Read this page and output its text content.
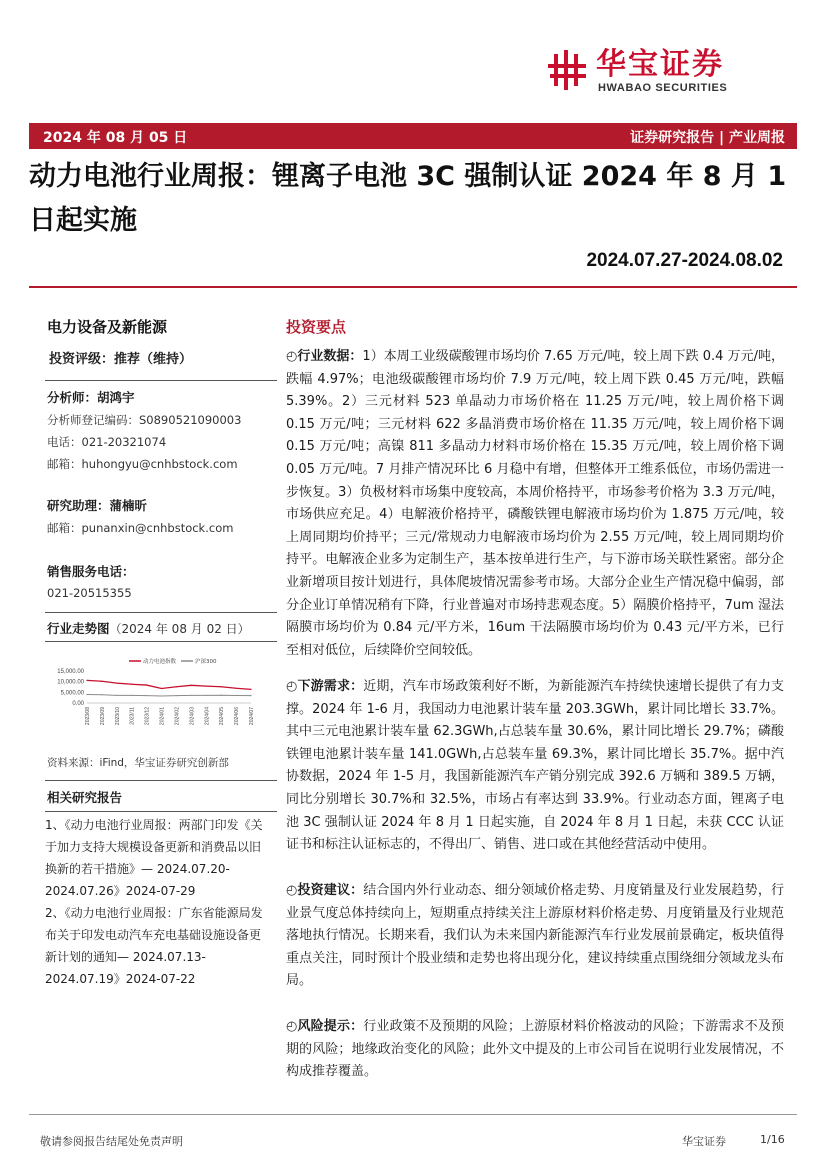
华宝证券
HWABAO SECURITIES
2024 年 08 月 05 日	证券研究报告 | 产业周报
动力电池行业周报：锂离子电池 3C 强制认证 2024 年 8 月 1 日起实施
2024.07.27-2024.08.02
电力设备及新能源
投资评级：推荐（维持）
分析师：胡鸿宇
分析师登记编码：S0890521090003
电话：021-20321074
邮箱：huhongyu@cnhbstock.com
研究助理：蒲楠昕
邮箱：punanxin@cnhbstock.com
销售服务电话：
021-20515355
行业走势图（2024 年 08 月 02 日）
15,000.00
10,000.00
5,000.00
0.00
2023/08 2023/09 2023/10 2023/11 2023/12 2024/01 2024/02 2024/03 2024/04 2024/05 2024/06 2024/07
动力电池指数	沪深300
资料来源：iFind，华宝证券研究创新部
相关研究报告
1、《动力电池行业周报：两部门印发《关于加力支持大规模设备更新和消费品以旧换新的若干措施》— 2024.07.20-2024.07.26》2024-07-29
2、《动力电池行业周报：广东省能源局发布关于印发电动汽车充电基础设施设备更新计划的通知— 2024.07.13-2024.07.19》2024-07-22
投资要点
◴行业数据：1）本周工业级碳酸锂市场均价 7.65 万元/吨，较上周下跌 0.4 万元/吨，跌幅 4.97%；电池级碳酸锂市场均价 7.9 万元/吨，较上周下跌 0.45 万元/吨，跌幅 5.39%。2）三元材料 523 单晶动力市场价格在 11.25 万元/吨，较上周价格下调 0.15 万元/吨；三元材料 622 多晶消费市场价格在 11.35 万元/吨，较上周价格下调 0.15 万元/吨；高镍 811 多晶动力材料市场价格在 15.35 万元/吨，较上周价格下调 0.05 万元/吨。7 月排产情况环比 6 月稳中有增，但整体开工维系低位，市场仍需进一步恢复。3）负极材料市场集中度较高，本周价格持平，市场参考价格为 3.3 万元/吨，市场供应充足。4）电解液价格持平，磷酸铁锂电解液市场均价为 1.875 万元/吨，较上周同期均价持平；三元/常规动力电解液市场均价为 2.55 万元/吨，较上周同期均价持平。电解液企业多为定制生产，基本按单进行生产，与下游市场关联性紧密。部分企业新增项目按计划进行，具体爬坡情况需参考市场。大部分企业生产情况稳中偏弱，部分企业订单情况稍有下降，行业普遍对市场持悲观态度。5）隔膜价格持平，7um 湿法隔膜市场均价为 0.84 元/平方米，16um 干法隔膜市场均价为 0.43 元/平方米，已行至相对低位，后续降价空间较低。
◴下游需求：近期，汽车市场政策利好不断，为新能源汽车持续快速增长提供了有力支撑。2024 年 1-6 月，我国动力电池累计装车量 203.3GWh，累计同比增长 33.7%。其中三元电池累计装车量 62.3GWh,占总装车量 30.6%，累计同比增长 29.7%；磷酸铁锂电池累计装车量 141.0GWh,占总装车量 69.3%，累计同比增长 35.7%。据中汽协数据，2024 年 1-5 月，我国新能源汽车产销分别完成 392.6 万辆和 389.5 万辆，同比分别增长 30.7%和 32.5%，市场占有率达到 33.9%。行业动态方面，锂离子电池 3C 强制认证 2024 年 8 月 1 日起实施，自 2024 年 8 月 1 日起，未获 CCC 认证证书和标注认证标志的，不得出厂、销售、进口或在其他经营活动中使用。
◴投资建议：结合国内外行业动态、细分领域价格走势、月度销量及行业发展趋势，行业景气度总体持续向上，短期重点持续关注上游原材料价格走势、月度销量及行业规范落地执行情况。长期来看，我们认为未来国内新能源汽车行业发展前景确定，板块值得重点关注，同时预计个股业绩和走势也将出现分化，建议持续重点围绕细分领域龙头布局。
◴风险提示：行业政策不及预期的风险；上游原材料价格波动的风险；下游需求不及预期的风险；地缘政治变化的风险；此外文中提及的上市公司旨在说明行业发展情况，不构成推荐覆盖。
敬请参阅报告结尾处免责声明	华宝证券	1/16
